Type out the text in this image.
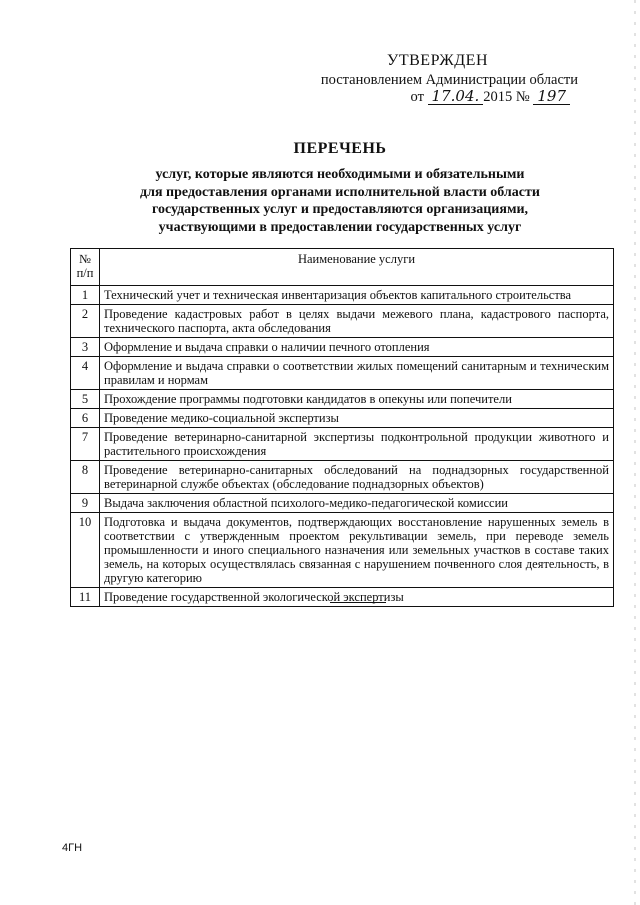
УТВЕРЖДЕН
постановлением Администрации области
от 17.04. 2015 № 197
ПЕРЕЧЕНЬ
услуг, которые являются необходимыми и обязательными
для предоставления органами исполнительной власти области
государственных услуг и предоставляются организациями,
участвующими в предоставлении государственных услуг
№ п/п	Наименование услуги
1	Технический учет и техническая инвентаризация объектов капитального строительства
2	Проведение кадастровых работ в целях выдачи межевого плана, кадастрового паспорта, технического паспорта, акта обследования
3	Оформление и выдача справки о наличии печного отопления
4	Оформление и выдача справки о соответствии жилых помещений санитарным и техническим правилам и нормам
5	Прохождение программы подготовки кандидатов в опекуны или попечители
6	Проведение медико-социальной экспертизы
7	Проведение ветеринарно-санитарной экспертизы подконтрольной продукции животного и растительного происхождения
8	Проведение ветеринарно-санитарных обследований на поднадзорных государственной ветеринарной службе объектах (обследование поднадзорных объектов)
9	Выдача заключения областной психолого-медико-педагогической комиссии
10	Подготовка и выдача документов, подтверждающих восстановление нарушенных земель в соответствии с утвержденным проектом рекультивации земель, при переводе земель промышленности и иного специального назначения или земельных участков в составе таких земель, на которых осуществлялась связанная с нарушением почвенного слоя деятельность, в другую категорию
11	Проведение государственной экологической экспертизы
4ГН
